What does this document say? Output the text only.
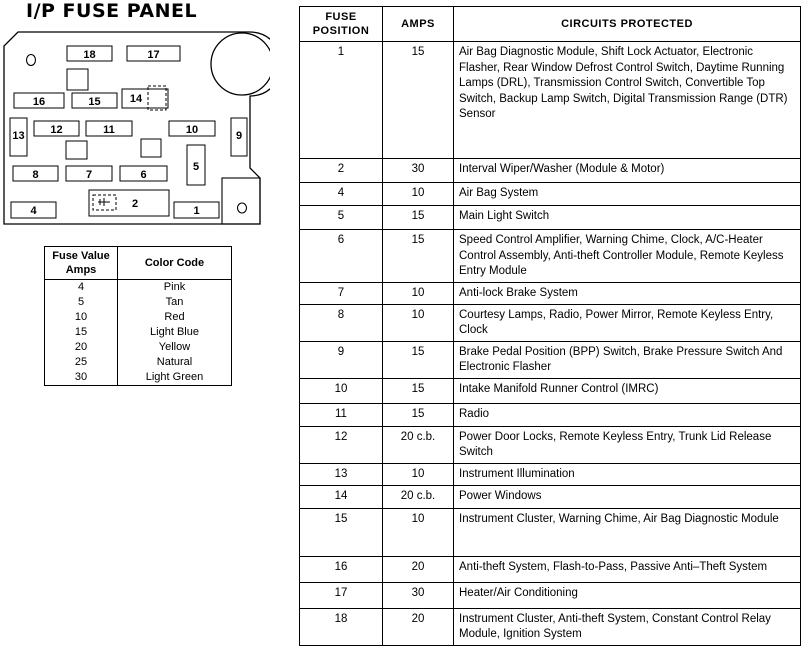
I/P FUSE PANEL
18	17
16	15	14
13 12	11	10	9
5
8	7	6
4
2
1
Fuse Value Amps	Color Code
4	Pink
5	Tan
10	Red
15	Light Blue
20	Yellow
25	Natural
30	Light Green
FUSE POSITION	AMPS	CIRCUITS PROTECTED
1	15	Air Bag Diagnostic Module, Shift Lock Actuator, Electronic Flasher, Rear Window Defrost Control Switch, Daytime Running Lamps (DRL), Transmission Control Switch, Convertible Top Switch, Backup Lamp Switch, Digital Transmission Range (DTR) Sensor
2	30	Interval Wiper/Washer (Module & Motor)
4	10	Air Bag System
5	15	Main Light Switch
6	15	Speed Control Amplifier, Warning Chime, Clock, A/C-Heater Control Assembly, Anti-theft Controller Module, Remote Keyless Entry Module
7	10	Anti-lock Brake System
8	10	Courtesy Lamps, Radio, Power Mirror, Remote Keyless Entry, Clock
9	15	Brake Pedal Position (BPP) Switch, Brake Pressure Switch And Electronic Flasher
10	15	Intake Manifold Runner Control (IMRC)
11	15	Radio
12	20 c.b.	Power Door Locks, Remote Keyless Entry, Trunk Lid Release Switch
13	10	Instrument Illumination
14	20 c.b.	Power Windows
15	10	Instrument Cluster, Warning Chime, Air Bag Diagnostic Module
16	20	Anti-theft System, Flash-to-Pass, Passive Anti–Theft System
17	30	Heater/Air Conditioning
18	20	Instrument Cluster, Anti-theft System, Constant Control Relay Module, Ignition System
